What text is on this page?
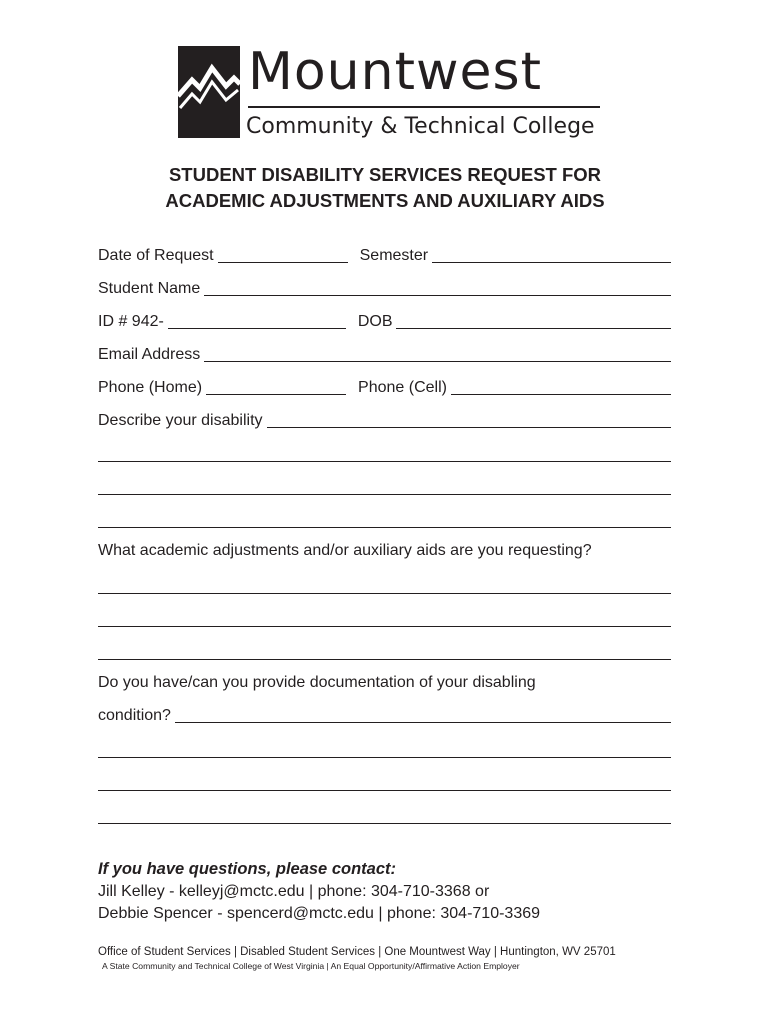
Mountwest
Community & Technical College
STUDENT DISABILITY SERVICES REQUEST FOR
ACADEMIC ADJUSTMENTS AND AUXILIARY AIDS
Date of Request	Semester
Student Name
ID # 942-	DOB
Email Address
Phone (Home)	Phone (Cell)
Describe your disability
What academic adjustments and/or auxiliary aids are you requesting?
Do you have/can you provide documentation of your disabling
condition?
If you have questions, please contact:
Jill Kelley - kelleyj@mctc.edu | phone: 304-710-3368 or
Debbie Spencer - spencerd@mctc.edu | phone: 304-710-3369
Office of Student Services | Disabled Student Services | One Mountwest Way | Huntington, WV 25701
A State Community and Technical College of West Virginia | An Equal Opportunity/Affirmative Action Employer
